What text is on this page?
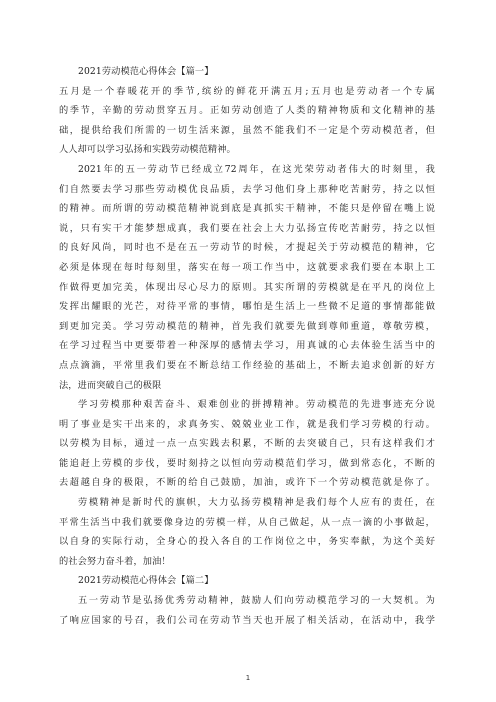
2021劳动模范心得体会【篇一】
五月是一个春暖花开的季节,缤纷的鲜花开满五月;五月也是劳动者一个专属
的季节，辛勤的劳动贯穿五月。正如劳动创造了人类的精神物质和文化精神的基
础，提供给我们所需的一切生活来源，虽然不能我们不一定是个劳动模范者，但
人人却可以学习弘扬和实践劳动模范精神。
2021年的五一劳动节已经成立72周年，在这光荣劳动者伟大的时刻里，我
们自然要去学习那些劳动模优良品质，去学习他们身上那种吃苦耐劳，持之以恒
的精神。而所谓的劳动模范精神说到底是真抓实干精神，不能只是停留在嘴上说
说，只有实干才能梦想成真，我们要在社会上大力弘扬宣传吃苦耐劳，持之以恒
的良好风尚，同时也不是在五一劳动节的时候，才提起关于劳动模范的精神，它
必须是体现在每时每刻里，落实在每一项工作当中，这就要求我们要在本职上工
作做得更加完美，体现出尽心尽力的原则。其实所谓的劳模就是在平凡的岗位上
发挥出耀眼的光芒，对待平常的事情，哪怕是生活上一些微不足道的事情都能做
到更加完美。学习劳动模范的精神，首先我们就要先做到尊师重道，尊敬劳模，
在学习过程当中更要带着一种深厚的感情去学习，用真诚的心去体验生活当中的
点点滴滴，平常里我们要在不断总结工作经验的基础上，不断去追求创新的好方
法，进而突破自己的极限
学习劳模那种艰苦奋斗、艰难创业的拼搏精神。劳动模范的先进事迹充分说
明了事业是实干出来的，求真务实、兢兢业业工作，就是我们学习劳模的行动。
以劳模为目标，通过一点一点实践去积累，不断的去突破自己，只有这样我们才
能追赶上劳模的步伐，要时刻持之以恒向劳动模范们学习，做到常态化，不断的
去超越自身的极限，不断的给自己鼓励，加油，或许下一个劳动模范就是你了。
劳模精神是新时代的旗帜，大力弘扬劳模精神是我们每个人应有的责任，在
平常生活当中我们就要像身边的劳模一样，从自己做起，从一点一滴的小事做起，
以自身的实际行动，全身心的投入各自的工作岗位之中，务实奉献，为这个美好
的社会努力奋斗着，加油！
2021劳动模范心得体会【篇二】
五一劳动节是弘扬优秀劳动精神，鼓励人们向劳动模范学习的一大契机。为
了响应国家的号召，我们公司在劳动节当天也开展了相关活动，在活动中，我学
1
